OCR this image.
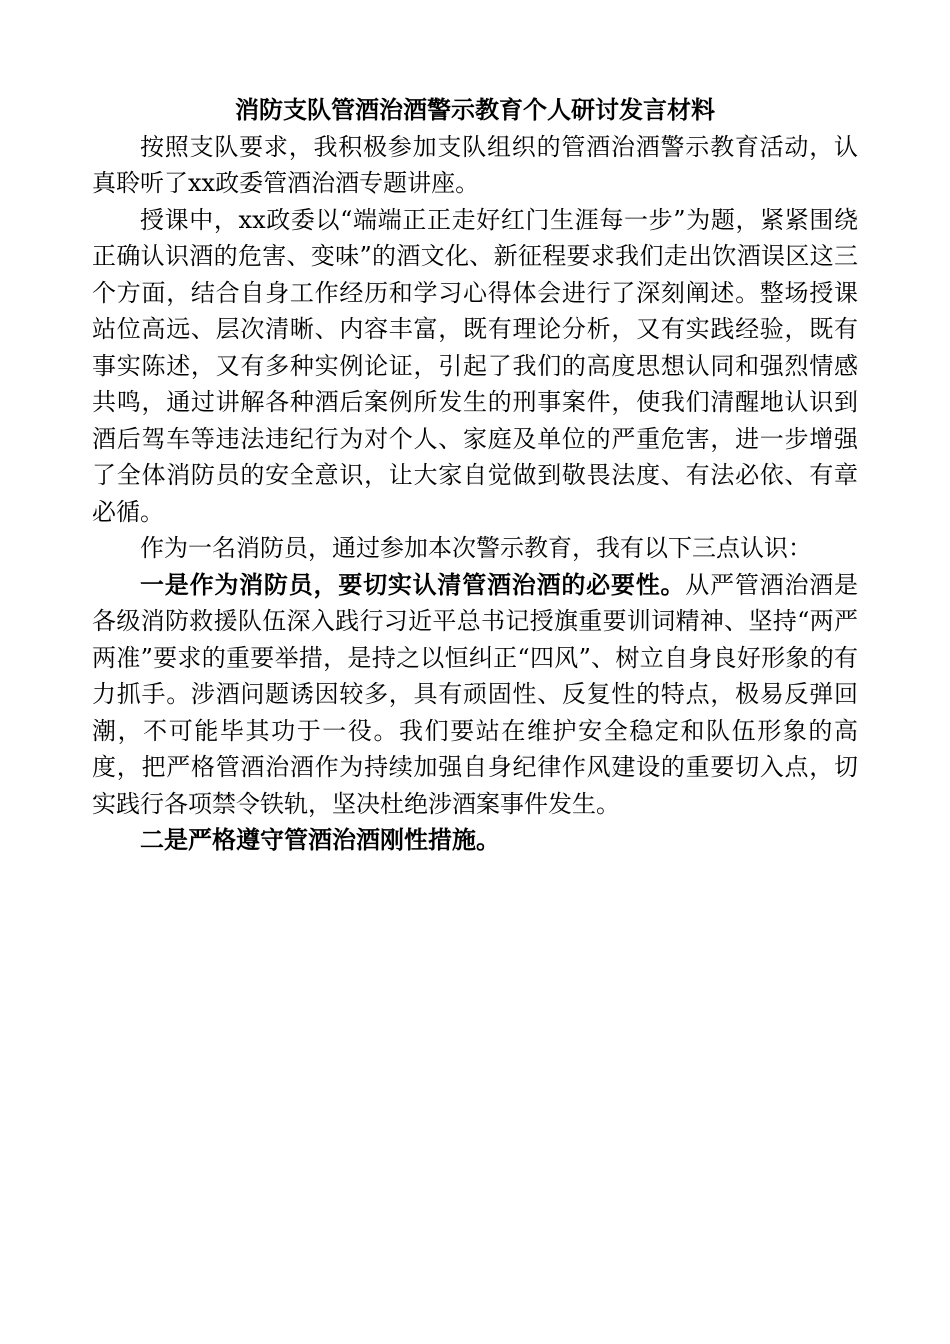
消防支队管酒治酒警示教育个人研讨发言材料

按照支队要求，我积极参加支队组织的管酒治酒警示教育活动，认真聆听了xx政委管酒治酒专题讲座。

授课中，xx政委以“端端正正走好红门生涯每一步”为题，紧紧围绕正确认识酒的危害、变味”的酒文化、新征程要求我们走出饮酒误区这三个方面，结合自身工作经历和学习心得体会进行了深刻阐述。整场授课站位高远、层次清晰、内容丰富，既有理论分析，又有实践经验，既有事实陈述，又有多种实例论证，引起了我们的高度思想认同和强烈情感共鸣，通过讲解各种酒后案例所发生的刑事案件，使我们清醒地认识到酒后驾车等违法违纪行为对个人、家庭及单位的严重危害，进一步增强了全体消防员的安全意识，让大家自觉做到敬畏法度、有法必依、有章必循。

作为一名消防员，通过参加本次警示教育，我有以下三点认识：

一是作为消防员，要切实认清管酒治酒的必要性。从严管酒治酒是各级消防救援队伍深入践行习近平总书记授旗重要训词精神、坚持“两严两准”要求的重要举措，是持之以恒纠正“四风”、树立自身良好形象的有力抓手。涉酒问题诱因较多，具有顽固性、反复性的特点，极易反弹回潮，不可能毕其功于一役。我们要站在维护安全稳定和队伍形象的高度，把严格管酒治酒作为持续加强自身纪律作风建设的重要切入点，切实践行各项禁令铁轨，坚决杜绝涉酒案事件发生。

二是严格遵守管酒治酒刚性措施。
